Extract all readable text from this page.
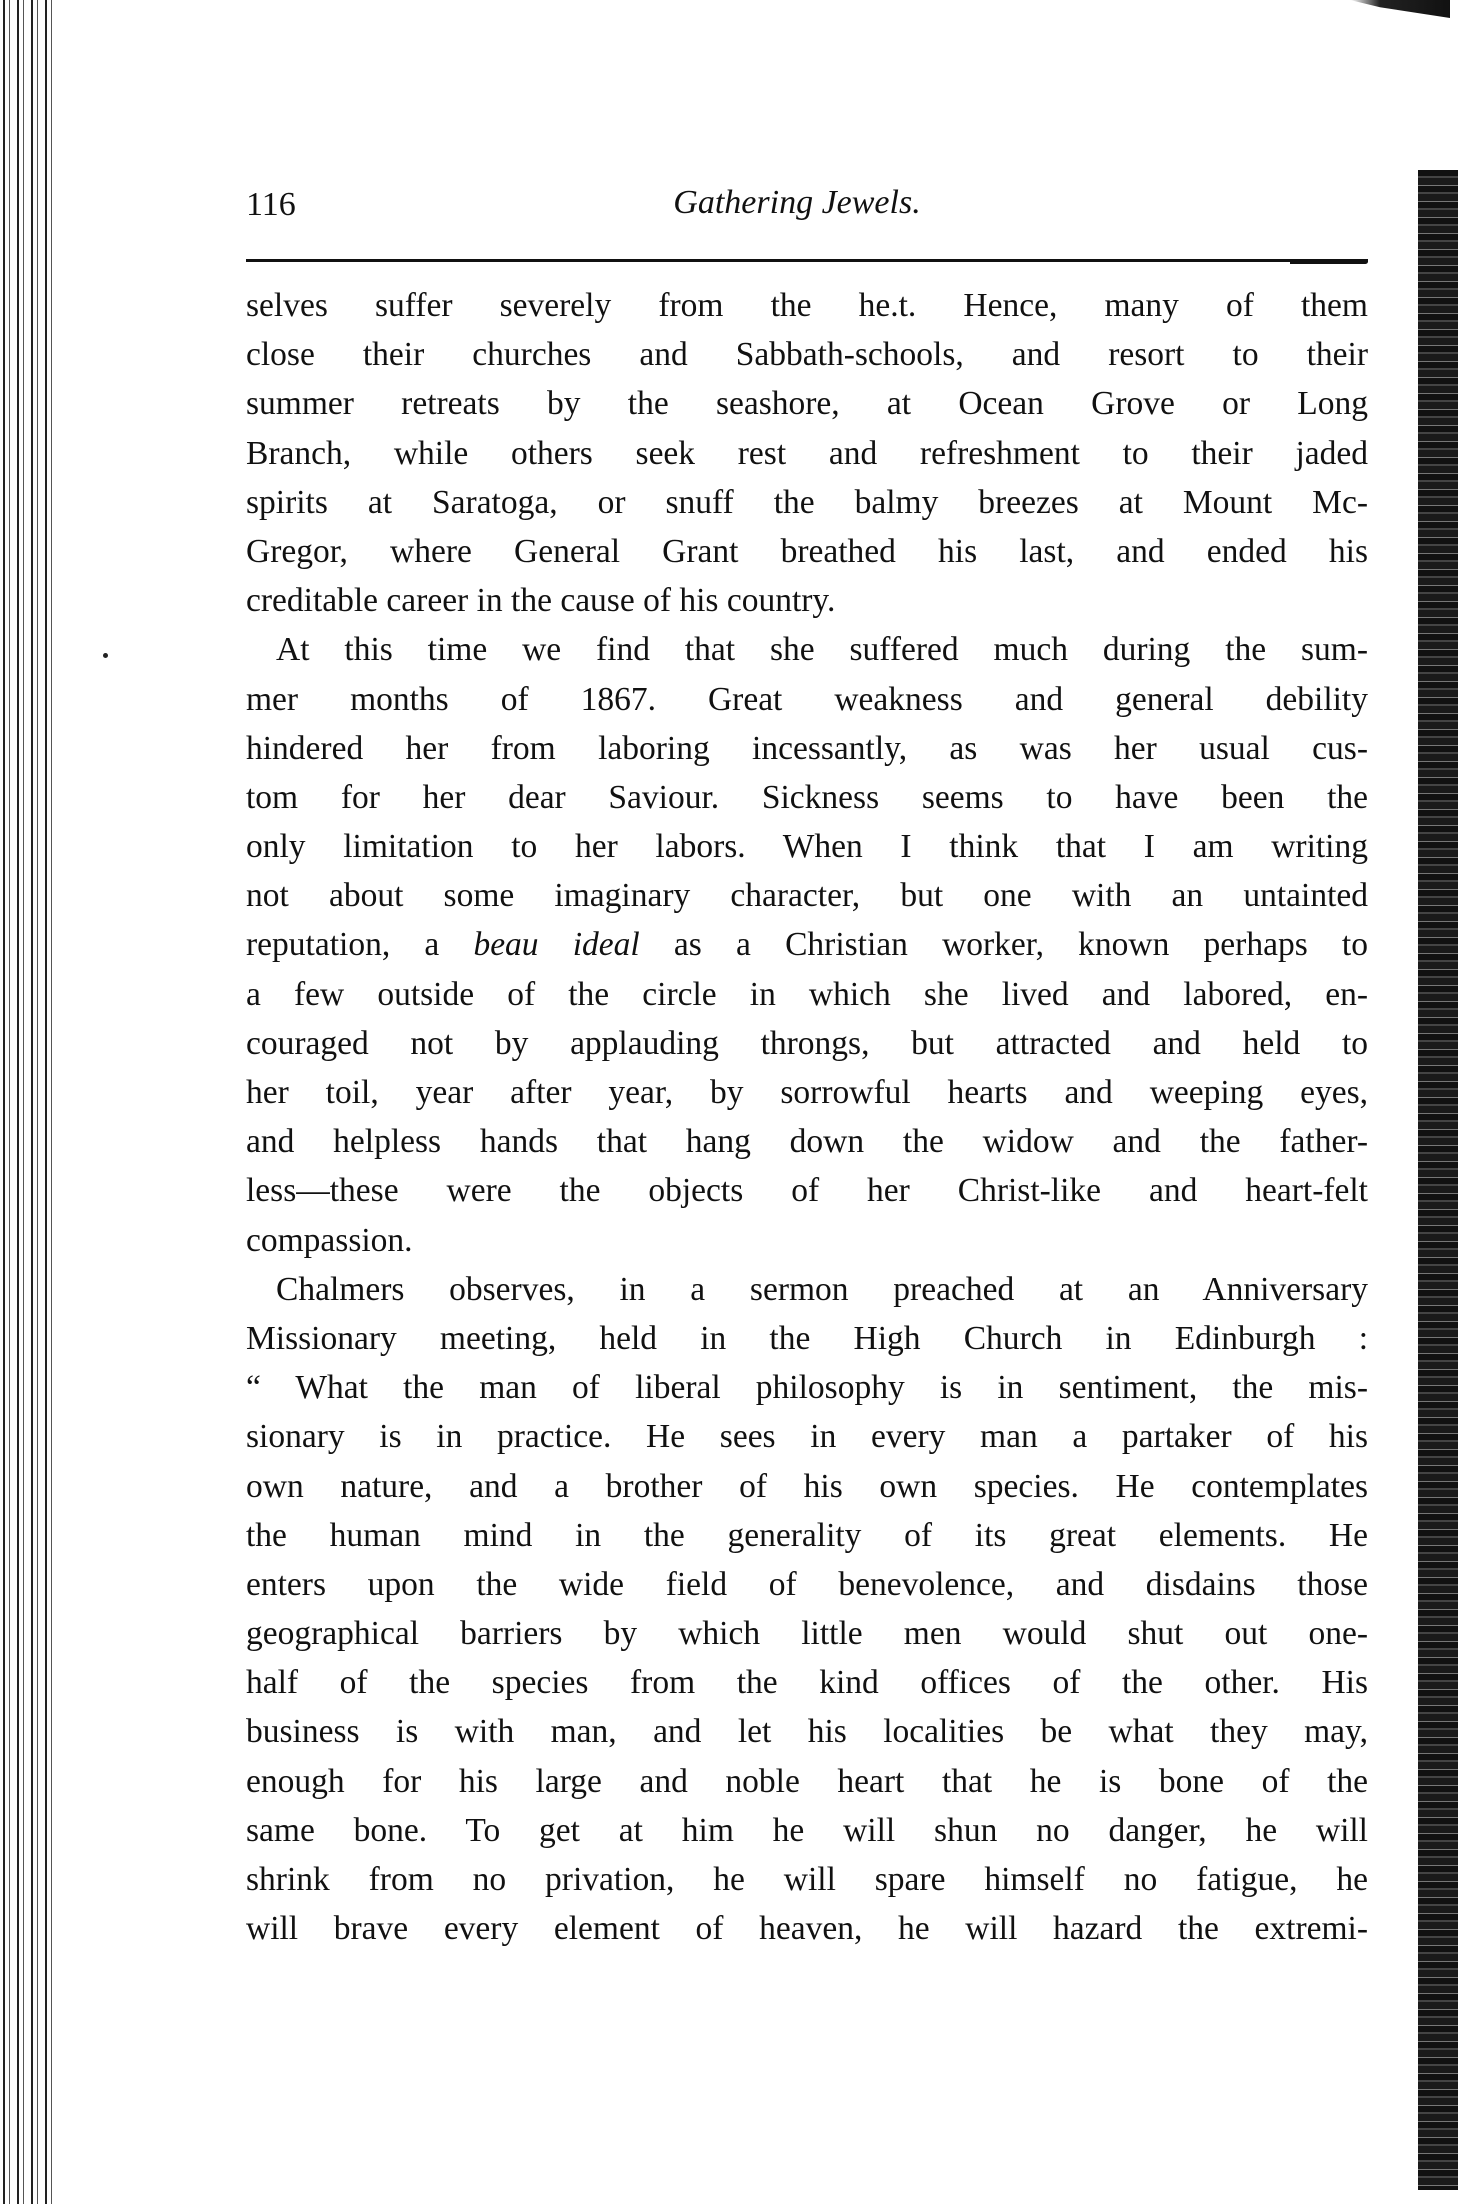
116	Gathering Jewels.
selves suffer severely from the he.t. Hence, many of them
close their churches and Sabbath-schools, and resort to their
summer retreats by the seashore, at Ocean Grove or Long
Branch, while others seek rest and refreshment to their jaded
spirits at Saratoga, or snuff the balmy breezes at Mount Mc-
Gregor, where General Grant breathed his last, and ended his
creditable career in the cause of his country.
At this time we find that she suffered much during the sum-
mer months of 1867. Great weakness and general debility
hindered her from laboring incessantly, as was her usual cus-
tom for her dear Saviour. Sickness seems to have been the
only limitation to her labors. When I think that I am writing
not about some imaginary character, but one with an untainted
reputation, a beau ideal as a Christian worker, known perhaps to
a few outside of the circle in which she lived and labored, en-
couraged not by applauding throngs, but attracted and held to
her toil, year after year, by sorrowful hearts and weeping eyes,
and helpless hands that hang down the widow and the father-
less—these were the objects of her Christ-like and heart-felt
compassion.
Chalmers observes, in a sermon preached at an Anniversary
Missionary meeting, held in the High Church in Edinburgh :
“ What the man of liberal philosophy is in sentiment, the mis-
sionary is in practice. He sees in every man a partaker of his
own nature, and a brother of his own species. He contemplates
the human mind in the generality of its great elements. He
enters upon the wide field of benevolence, and disdains those
geographical barriers by which little men would shut out one-
half of the species from the kind offices of the other. His
business is with man, and let his localities be what they may,
enough for his large and noble heart that he is bone of the
same bone. To get at him he will shun no danger, he will
shrink from no privation, he will spare himself no fatigue, he
will brave every element of heaven, he will hazard the extremi-
